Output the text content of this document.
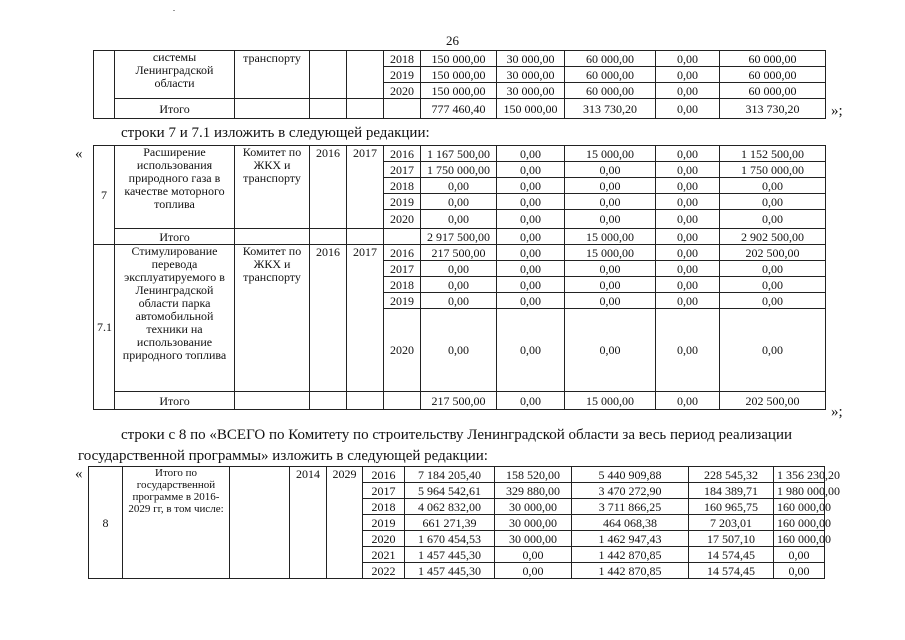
26
	системы Ленинградской области	транспорту			2018	150 000,00	30 000,00	60 000,00	0,00	60 000,00
					2019	150 000,00	30 000,00	60 000,00	0,00	60 000,00
					2020	150 000,00	30 000,00	60 000,00	0,00	60 000,00
	Итого					777 460,40	150 000,00	313 730,20	0,00	313 730,20 »;
строки 7 и 7.1 изложить в следующей редакции:
«
7	Расширение использования природного газа в качестве моторного топлива	Комитет по ЖКХ и транспорту	2016	2017	2016	1 167 500,00	0,00	15 000,00	0,00	1 152 500,00
					2017	1 750 000,00	0,00	0,00	0,00	1 750 000,00
					2018	0,00	0,00	0,00	0,00	0,00
					2019	0,00	0,00	0,00	0,00	0,00
					2020	0,00	0,00	0,00	0,00	0,00
	Итого					2 917 500,00	0,00	15 000,00	0,00	2 902 500,00
7.1	Стимулирование перевода эксплуатируемого в Ленинградской области парка автомобильной техники на использование природного топлива	Комитет по ЖКХ и транспорту	2016	2017	2016	217 500,00	0,00	15 000,00	0,00	202 500,00
					2017	0,00	0,00	0,00	0,00	0,00
					2018	0,00	0,00	0,00	0,00	0,00
					2019	0,00	0,00	0,00	0,00	0,00
					2020	0,00	0,00	0,00	0,00	0,00
	Итого					217 500,00	0,00	15 000,00	0,00	202 500,00
»;
строки с 8 по «ВСЕГО по Комитету по строительству Ленинградской области за весь период реализации
государственной программы» изложить в следующей редакции:
«
8	Итого по государственной программе в 2016-2029 гг, в том числе:		2014	2029	2016	7 184 205,40	158 520,00	5 440 909,88	228 545,32	1 356 230,20
					2017	5 964 542,61	329 880,00	3 470 272,90	184 389,71	1 980 000,00
					2018	4 062 832,00	30 000,00	3 711 866,25	160 965,75	160 000,00
					2019	661 271,39	30 000,00	464 068,38	7 203,01	160 000,00
					2020	1 670 454,53	30 000,00	1 462 947,43	17 507,10	160 000,00
					2021	1 457 445,30	0,00	1 442 870,85	14 574,45	0,00
					2022	1 457 445,30	0,00	1 442 870,85	14 574,45	0,00
